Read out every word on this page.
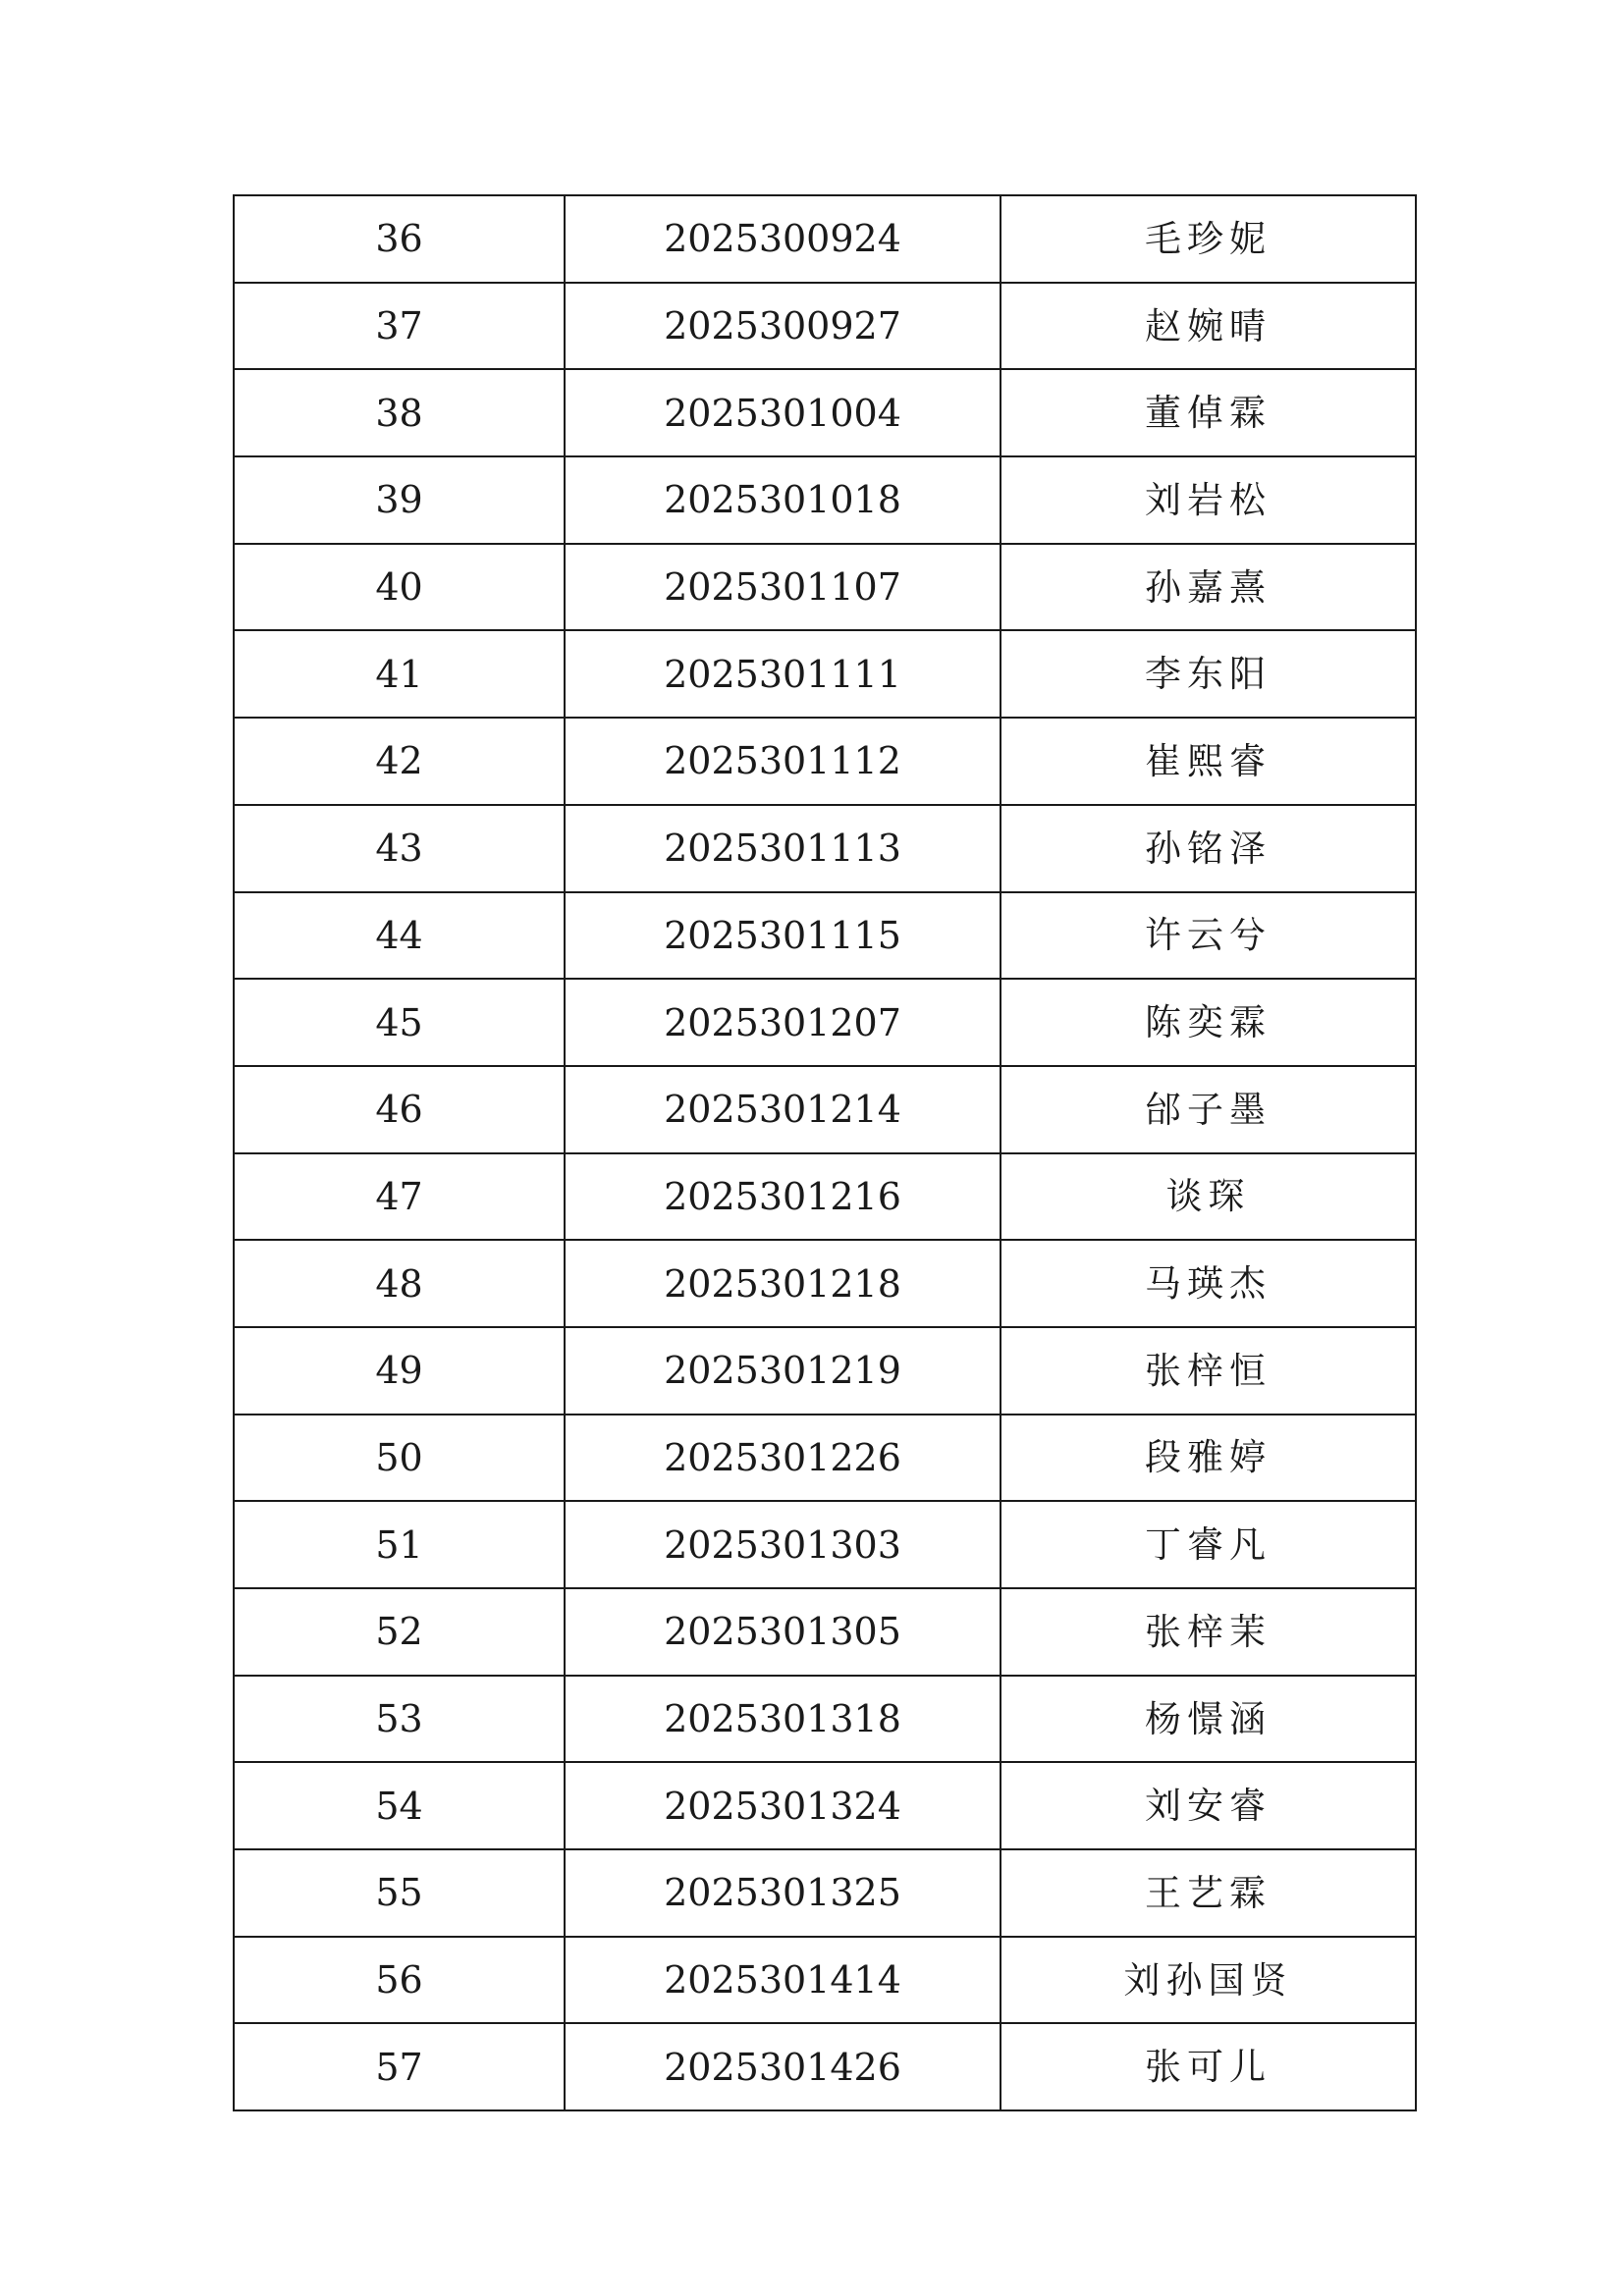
36	2025300924	毛珍妮
37	2025300927	赵婉晴
38	2025301004	董倬霖
39	2025301018	刘岩松
40	2025301107	孙嘉熹
41	2025301111	李东阳
42	2025301112	崔熙睿
43	2025301113	孙铭泽
44	2025301115	许云兮
45	2025301207	陈奕霖
46	2025301214	邰子墨
47	2025301216	谈琛
48	2025301218	马瑛杰
49	2025301219	张梓恒
50	2025301226	段雅婷
51	2025301303	丁睿凡
52	2025301305	张梓茉
53	2025301318	杨憬涵
54	2025301324	刘安睿
55	2025301325	王艺霖
56	2025301414	刘孙国贤
57	2025301426	张可儿
